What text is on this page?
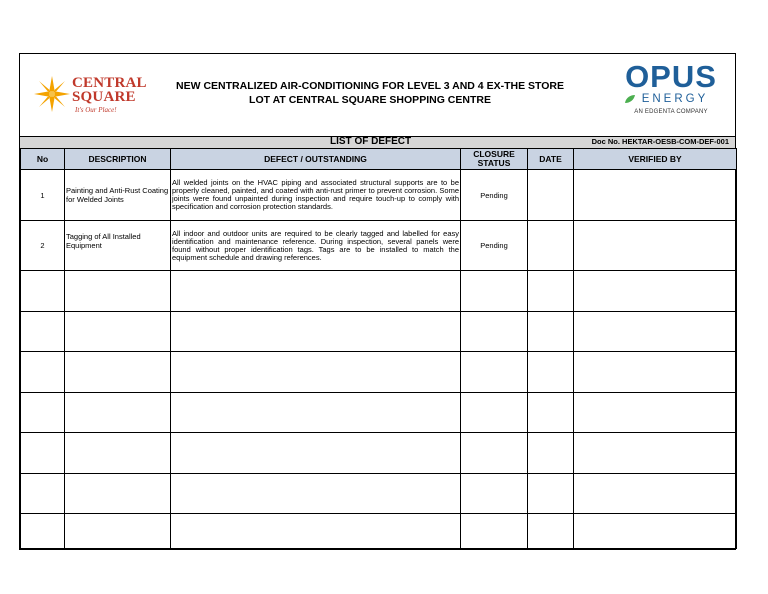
CENTRAL
SQUARE
It's Our Place!
NEW CENTRALIZED AIR-CONDITIONING FOR LEVEL 3 AND 4 EX-THE STORE
LOT AT CENTRAL SQUARE SHOPPING CENTRE
OPUS
ENERGY
AN EDGENTA COMPANY
LIST OF DEFECT	Doc No. HEKTAR-OESB-COM-DEF-001
No	DESCRIPTION	DEFECT / OUTSTANDING	CLOSURE STATUS	DATE	VERIFIED BY
1	Painting and Anti-Rust Coating for Welded Joints	All welded joints on the HVAC piping and associated structural supports are to be properly cleaned, painted, and coated with anti-rust primer to prevent corrosion. Some joints were found unpainted during inspection and require touch-up to comply with specification and corrosion protection standards.	Pending		
2	Tagging of All Installed Equipment	All indoor and outdoor units are required to be clearly tagged and labelled for easy identification and maintenance reference. During inspection, several panels were found without proper identification tags. Tags are to be installed to match the equipment schedule and drawing references.	Pending		
